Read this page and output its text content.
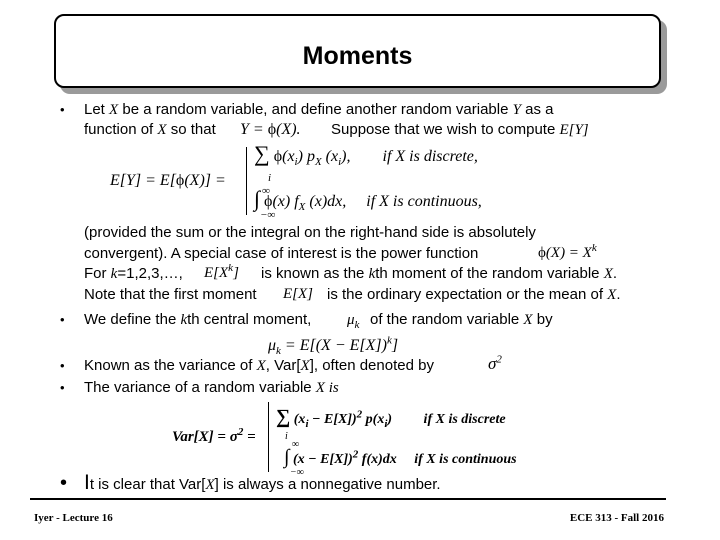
Moments
• Let X be a random variable, and define another random variable Y as a
function of X so that Y = ϕ(X). Suppose that we wish to compute E[Y]
E[Y] = E[ϕ(X)] =
∑ $\phi(x_i)$ $p_X$ $(x_i)$,        if X is discrete,
i
∞
∫ ϕ(x) $f_X$ (x)dx,     if X is continuous,
−∞
(provided the sum or the integral on the right-hand side is absolutely
convergent). A special case of interest is the power function	$\phi(X) = X^k$
For k=1,2,3,…, $E[X^k]$ is known as the kth moment of the random variable X.
Note that the first moment E[X] is the ordinary expectation or the mean of X.
• We define the kth central moment, $\mu_k$ of the random variable X by
$\mu_k = E[(X - E[X])^k]$
• Known as the variance of X, Var[X], often denoted by	$\sigma^2$
• The variance of a random variable X is
$Var[X] = \sigma^2$ =
∑ $(x_i - E[X])^2$ $p(x_i)$         if X is discrete
i
∞
∫ $(x - E[X])^2$ f(x)dx     if X is continuous
−∞
• It is clear that Var[X] is always a nonnegative number.
Iyer - Lecture 16	ECE 313 - Fall 2016
